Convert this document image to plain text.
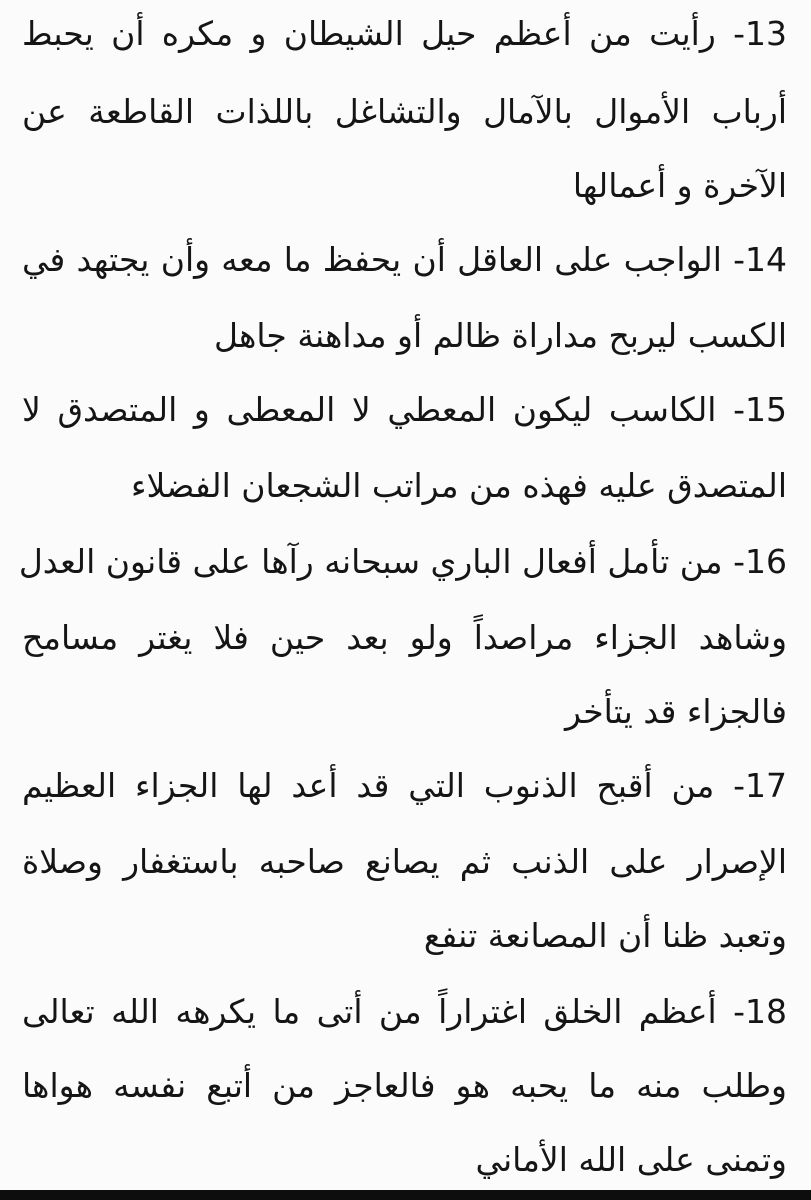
13- رأيت من أعظم حيل الشيطان و مكره أن يحبط
أرباب الأموال بالآمال والتشاغل باللذات القاطعة عن
الآخرة و أعمالها
14- الواجب على العاقل أن يحفظ ما معه وأن يجتهد في
الكسب ليربح مداراة ظالم أو مداهنة جاهل
15- الكاسب ليكون المعطي لا المعطى و المتصدق لا
المتصدق عليه فهذه من مراتب الشجعان الفضلاء
16- من تأمل أفعال الباري سبحانه رآها على قانون العدل
وشاهد الجزاء مراصداً ولو بعد حين فلا يغتر مسامح
فالجزاء قد يتأخر
17- من أقبح الذنوب التي قد أعد لها الجزاء العظيم
الإصرار على الذنب ثم يصانع صاحبه باستغفار وصلاة
وتعبد ظنا أن المصانعة تنفع
18- أعظم الخلق اغتراراً من أتى ما يكرهه الله تعالى
وطلب منه ما يحبه هو فالعاجز من أتبع نفسه هواها
وتمنى على الله الأماني
